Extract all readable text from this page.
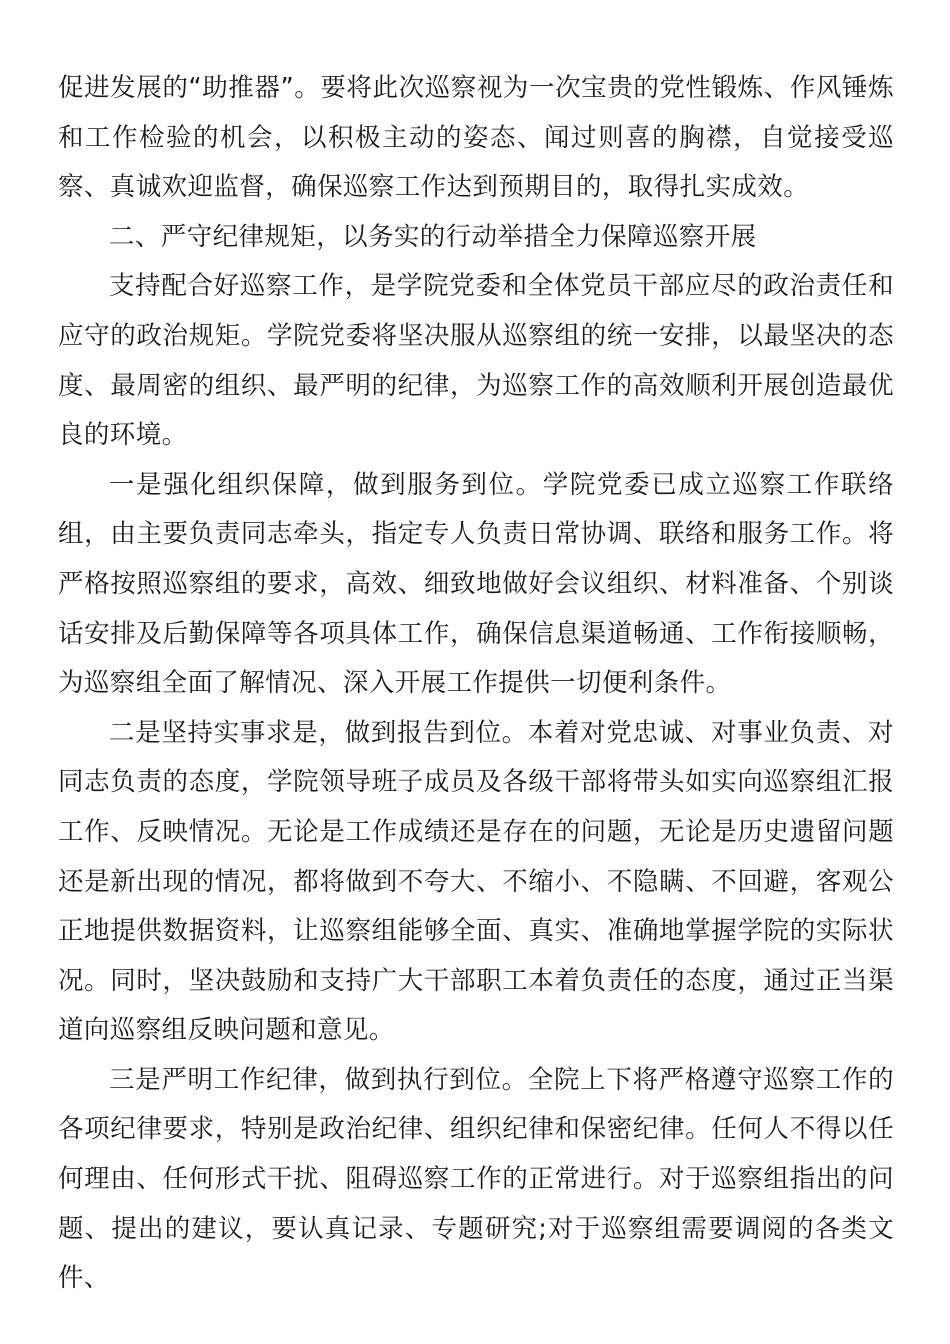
促进发展的“助推器”。要将此次巡察视为一次宝贵的党性锻炼、作风锤炼和工作检验的机会，以积极主动的姿态、闻过则喜的胸襟，自觉接受巡察、真诚欢迎监督，确保巡察工作达到预期目的，取得扎实成效。

二、严守纪律规矩，以务实的行动举措全力保障巡察开展

支持配合好巡察工作，是学院党委和全体党员干部应尽的政治责任和应守的政治规矩。学院党委将坚决服从巡察组的统一安排，以最坚决的态度、最周密的组织、最严明的纪律，为巡察工作的高效顺利开展创造最优良的环境。

一是强化组织保障，做到服务到位。学院党委已成立巡察工作联络组，由主要负责同志牵头，指定专人负责日常协调、联络和服务工作。将严格按照巡察组的要求，高效、细致地做好会议组织、材料准备、个别谈话安排及后勤保障等各项具体工作，确保信息渠道畅通、工作衔接顺畅，为巡察组全面了解情况、深入开展工作提供一切便利条件。

二是坚持实事求是，做到报告到位。本着对党忠诚、对事业负责、对同志负责的态度，学院领导班子成员及各级干部将带头如实向巡察组汇报工作、反映情况。无论是工作成绩还是存在的问题，无论是历史遗留问题还是新出现的情况，都将做到不夸大、不缩小、不隐瞒、不回避，客观公正地提供数据资料，让巡察组能够全面、真实、准确地掌握学院的实际状况。同时，坚决鼓励和支持广大干部职工本着负责任的态度，通过正当渠道向巡察组反映问题和意见。

三是严明工作纪律，做到执行到位。全院上下将严格遵守巡察工作的各项纪律要求，特别是政治纪律、组织纪律和保密纪律。任何人不得以任何理由、任何形式干扰、阻碍巡察工作的正常进行。对于巡察组指出的问题、提出的建议，要认真记录、专题研究;对于巡察组需要调阅的各类文件、
